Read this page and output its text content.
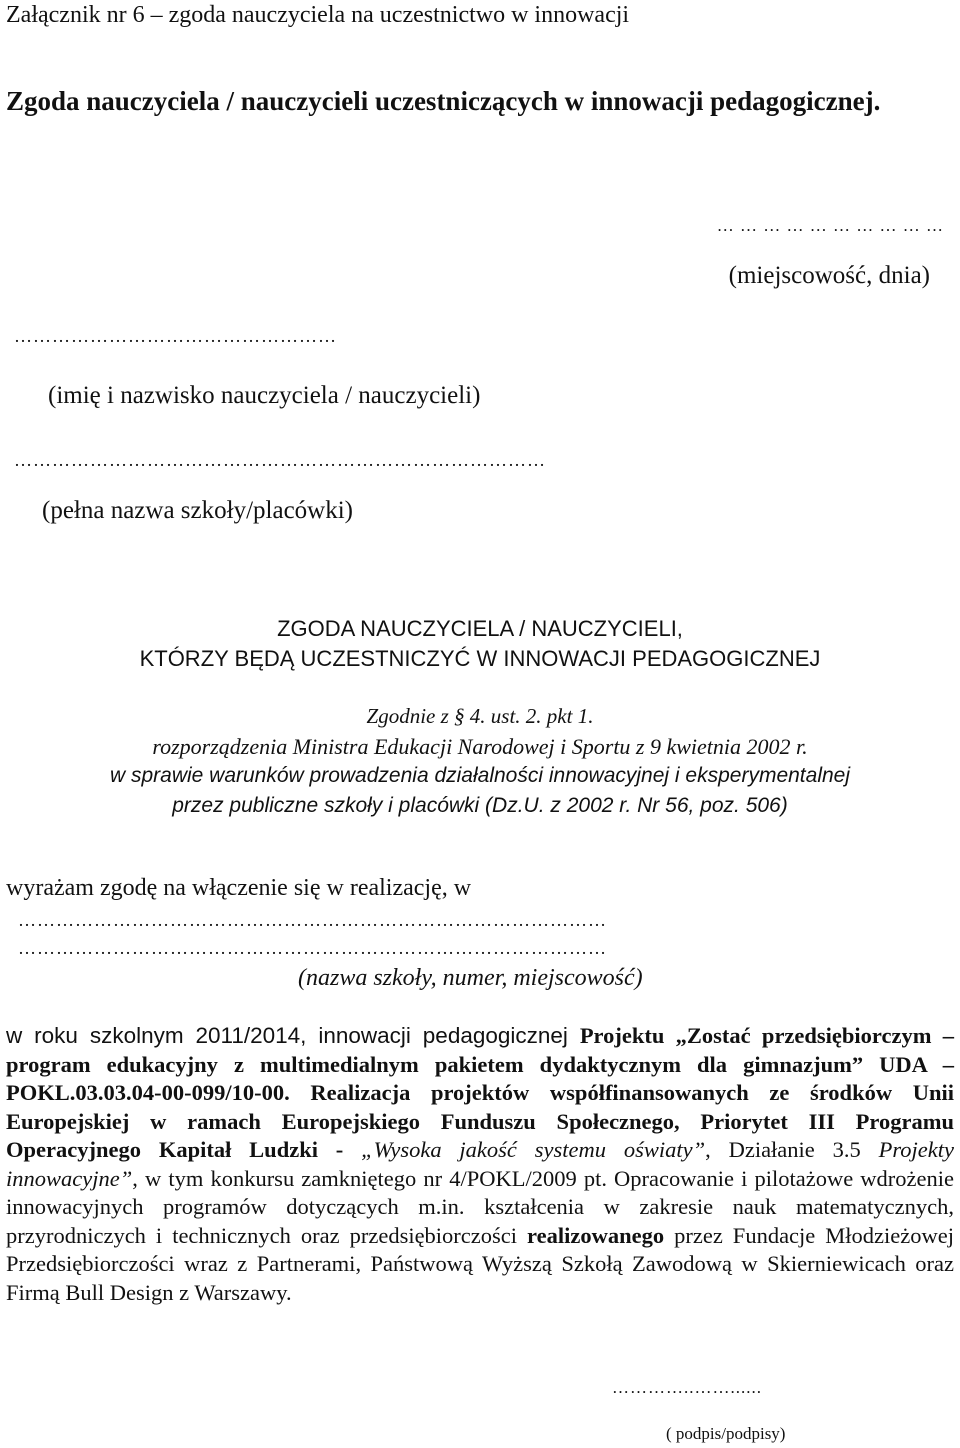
Załącznik nr 6 – zgoda nauczyciela na uczestnictwo w innowacji
Zgoda nauczyciela / nauczycieli uczestniczących w innowacji pedagogicznej.
… … … … … … … … … …
(miejscowość, dnia)
……………………………………………
(imię i nazwisko nauczyciela / nauczycieli)
…………………………………………………………………………
(pełna nazwa szkoły/placówki)
ZGODA NAUCZYCIELA / NAUCZYCIELI,
KTÓRZY BĘDĄ UCZESTNICZYĆ W INNOWACJI PEDAGOGICZNEJ
Zgodnie z § 4. ust. 2. pkt 1.
rozporządzenia Ministra Edukacji Narodowej i Sportu z 9 kwietnia 2002 r.
w sprawie warunków prowadzenia działalności innowacyjnej i eksperymentalnej
przez publiczne szkoły i placówki (Dz.U. z 2002 r. Nr 56, poz. 506)
wyrażam zgodę na włączenie się w realizację, w
…………………………………………………………………………………
…………………………………………………………………………………
(nazwa szkoły, numer, miejscowość)
w roku szkolnym 2011/2014, innowacji pedagogicznej Projektu „Zostać przedsiębiorczym – program edukacyjny z multimedialnym pakietem dydaktycznym dla gimnazjum” UDA – POKL.03.03.04-00-099/10-00. Realizacja projektów współfinansowanych ze środków Unii Europejskiej w ramach Europejskiego Funduszu Społecznego, Priorytet III Programu Operacyjnego Kapitał Ludzki - „Wysoka jakość systemu oświaty”, Działanie 3.5 Projekty innowacyjne”, w tym konkursu zamkniętego nr 4/POKL/2009 pt. Opracowanie i pilotażowe wdrożenie innowacyjnych programów dotyczących m.in. kształcenia w zakresie nauk matematycznych, przyrodniczych i technicznych oraz przedsiębiorczości realizowanego przez Fundacje Młodzieżowej Przedsiębiorczości wraz z Partnerami, Państwową Wyższą Szkołą Zawodową w Skierniewicach oraz Firmą Bull Design z Warszawy.
…………..……......
( podpis/podpisy)
